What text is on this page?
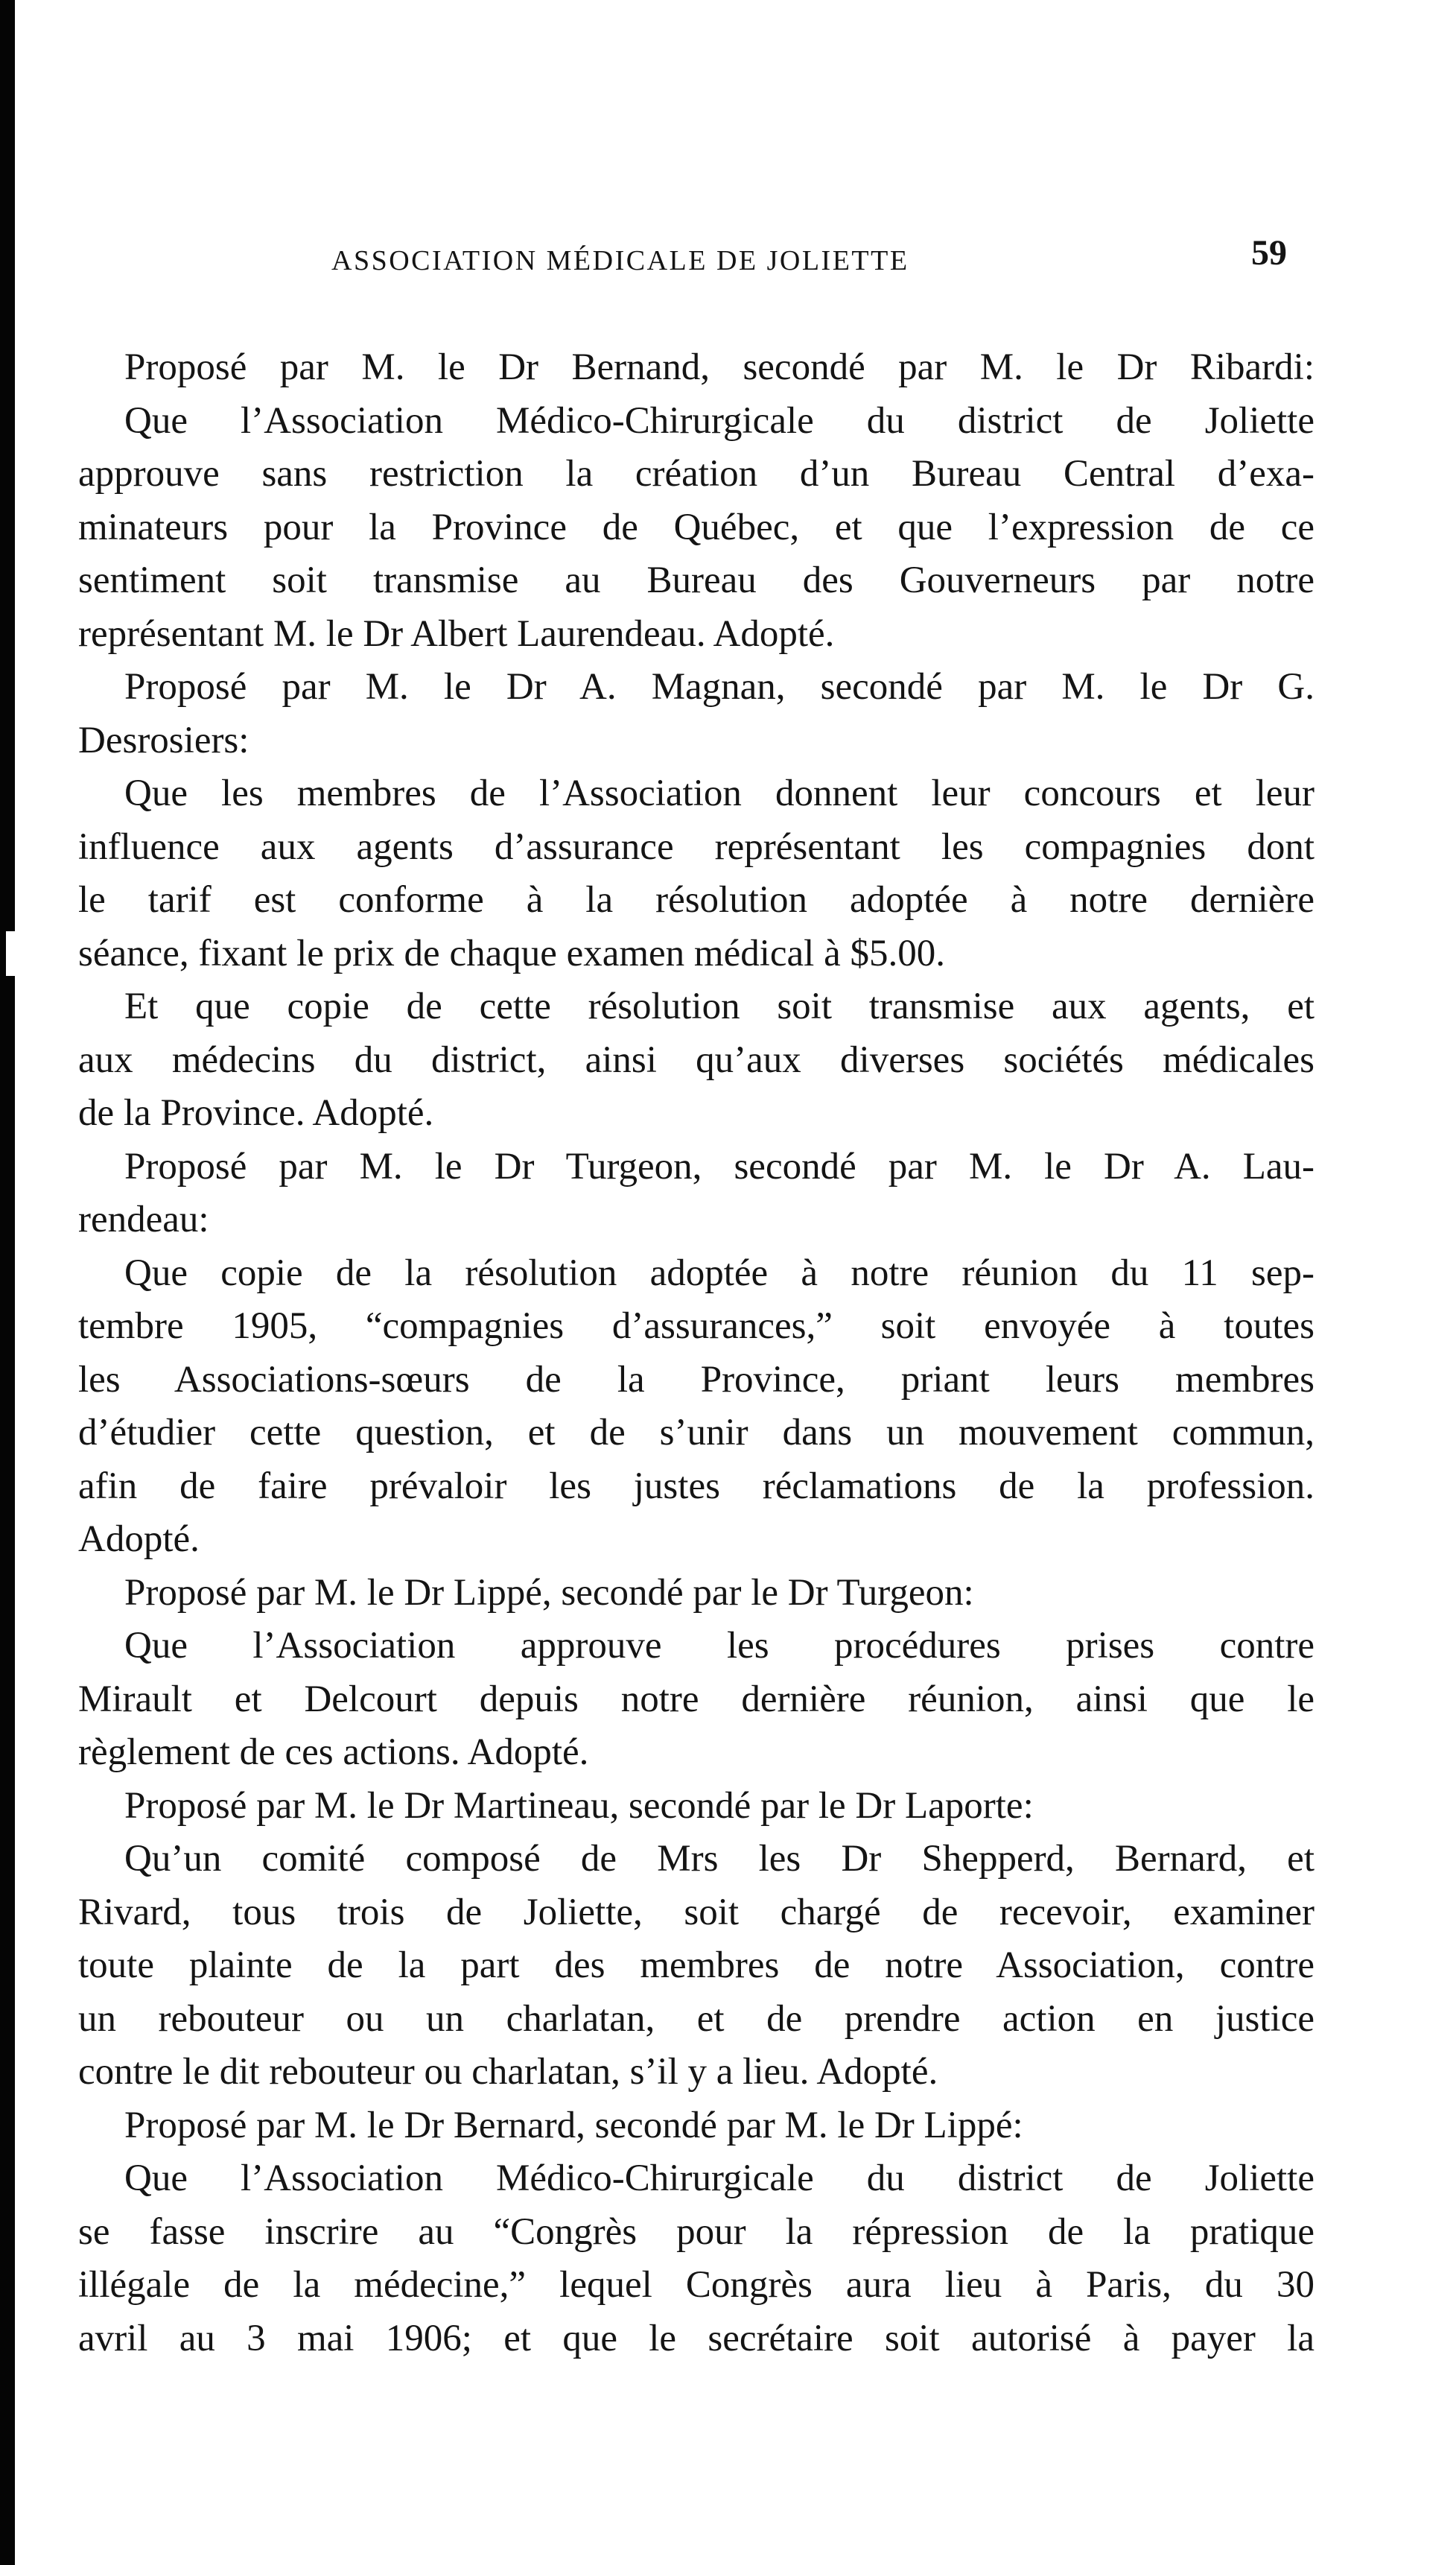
ASSOCIATION MÉDICALE DE JOLIETTE	59
Proposé par M. le Dr Bernand, secondé par M. le Dr Ribardi:
Que l’Association Médico-Chirurgicale du district de Joliette
approuve sans restriction la création d’un Bureau Central d’exa-
minateurs pour la Province de Québec, et que l’expression de ce
sentiment soit transmise au Bureau des Gouverneurs par notre
représentant M. le Dr Albert Laurendeau. Adopté.
Proposé par M. le Dr A. Magnan, secondé par M. le Dr G.
Desrosiers:
Que les membres de l’Association donnent leur concours et leur
influence aux agents d’assurance représentant les compagnies dont
le tarif est conforme à la résolution adoptée à notre dernière
séance, fixant le prix de chaque examen médical à $5.00.
Et que copie de cette résolution soit transmise aux agents, et
aux médecins du district, ainsi qu’aux diverses sociétés médicales
de la Province. Adopté.
Proposé par M. le Dr Turgeon, secondé par M. le Dr A. Lau-
rendeau:
Que copie de la résolution adoptée à notre réunion du 11 sep-
tembre 1905, “compagnies d’assurances,” soit envoyée à toutes
les Associations-sœurs de la Province, priant leurs membres
d’étudier cette question, et de s’unir dans un mouvement commun,
afin de faire prévaloir les justes réclamations de la profession.
Adopté.
Proposé par M. le Dr Lippé, secondé par le Dr Turgeon:
Que l’Association approuve les procédures prises contre
Mirault et Delcourt depuis notre dernière réunion, ainsi que le
règlement de ces actions. Adopté.
Proposé par M. le Dr Martineau, secondé par le Dr Laporte:
Qu’un comité composé de Mrs les Dr Shepperd, Bernard, et
Rivard, tous trois de Joliette, soit chargé de recevoir, examiner
toute plainte de la part des membres de notre Association, contre
un rebouteur ou un charlatan, et de prendre action en justice
contre le dit rebouteur ou charlatan, s’il y a lieu. Adopté.
Proposé par M. le Dr Bernard, secondé par M. le Dr Lippé:
Que l’Association Médico-Chirurgicale du district de Joliette
se fasse inscrire au “Congrès pour la répression de la pratique
illégale de la médecine,” lequel Congrès aura lieu à Paris, du 30
avril au 3 mai 1906; et que le secrétaire soit autorisé à payer la
